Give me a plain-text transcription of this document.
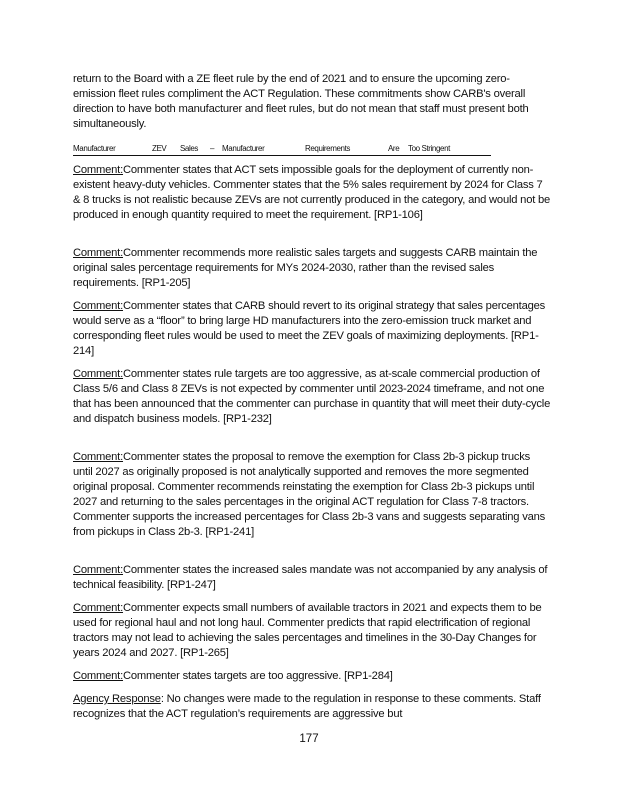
return to the Board with a ZE fleet rule by the end of 2021 and to ensure the upcoming zero-emission fleet rules compliment the ACT Regulation. These commitments show CARB's overall direction to have both manufacturer and fleet rules, but do not mean that staff must present both simultaneously.
Manufacturer	ZEV Sales – Manufacturer	Requirements	Are Too Stringent
Comment:Commenter states that ACT sets impossible goals for the deployment of currently non-existent heavy-duty vehicles. Commenter states that the 5% sales requirement by 2024 for Class 7 & 8 trucks is not realistic because ZEVs are not currently produced in the category, and would not be produced in enough quantity required to meet the requirement. [RP1-106]
Comment:Commenter recommends more realistic sales targets and suggests CARB maintain the original sales percentage requirements for MYs 2024-2030, rather than the revised sales requirements. [RP1-205]
Comment:Commenter states that CARB should revert to its original strategy that sales percentages would serve as a “floor” to bring large HD manufacturers into the zero-emission truck market and corresponding fleet rules would be used to meet the ZEV goals of maximizing deployments. [RP1-214]
Comment:Commenter states rule targets are too aggressive, as at-scale commercial production of Class 5/6 and Class 8 ZEVs is not expected by commenter until 2023-2024 timeframe, and not one that has been announced that the commenter can purchase in quantity that will meet their duty-cycle and dispatch business models. [RP1-232]
Comment:Commenter states the proposal to remove the exemption for Class 2b-3 pickup trucks until 2027 as originally proposed is not analytically supported and removes the more segmented original proposal. Commenter recommends reinstating the exemption for Class 2b-3 pickups until 2027 and returning to the sales percentages in the original ACT regulation for Class 7-8 tractors. Commenter supports the increased percentages for Class 2b-3 vans and suggests separating vans from pickups in Class 2b-3. [RP1-241]
Comment:Commenter states the increased sales mandate was not accompanied by any analysis of technical feasibility. [RP1-247]
Comment:Commenter expects small numbers of available tractors in 2021 and expects them to be used for regional haul and not long haul. Commenter predicts that rapid electrification of regional tractors may not lead to achieving the sales percentages and timelines in the 30-Day Changes for years 2024 and 2027. [RP1-265]
Comment:Commenter states targets are too aggressive. [RP1-284]
Agency Response: No changes were made to the regulation in response to these comments. Staff recognizes that the ACT regulation’s requirements are aggressive but
177
